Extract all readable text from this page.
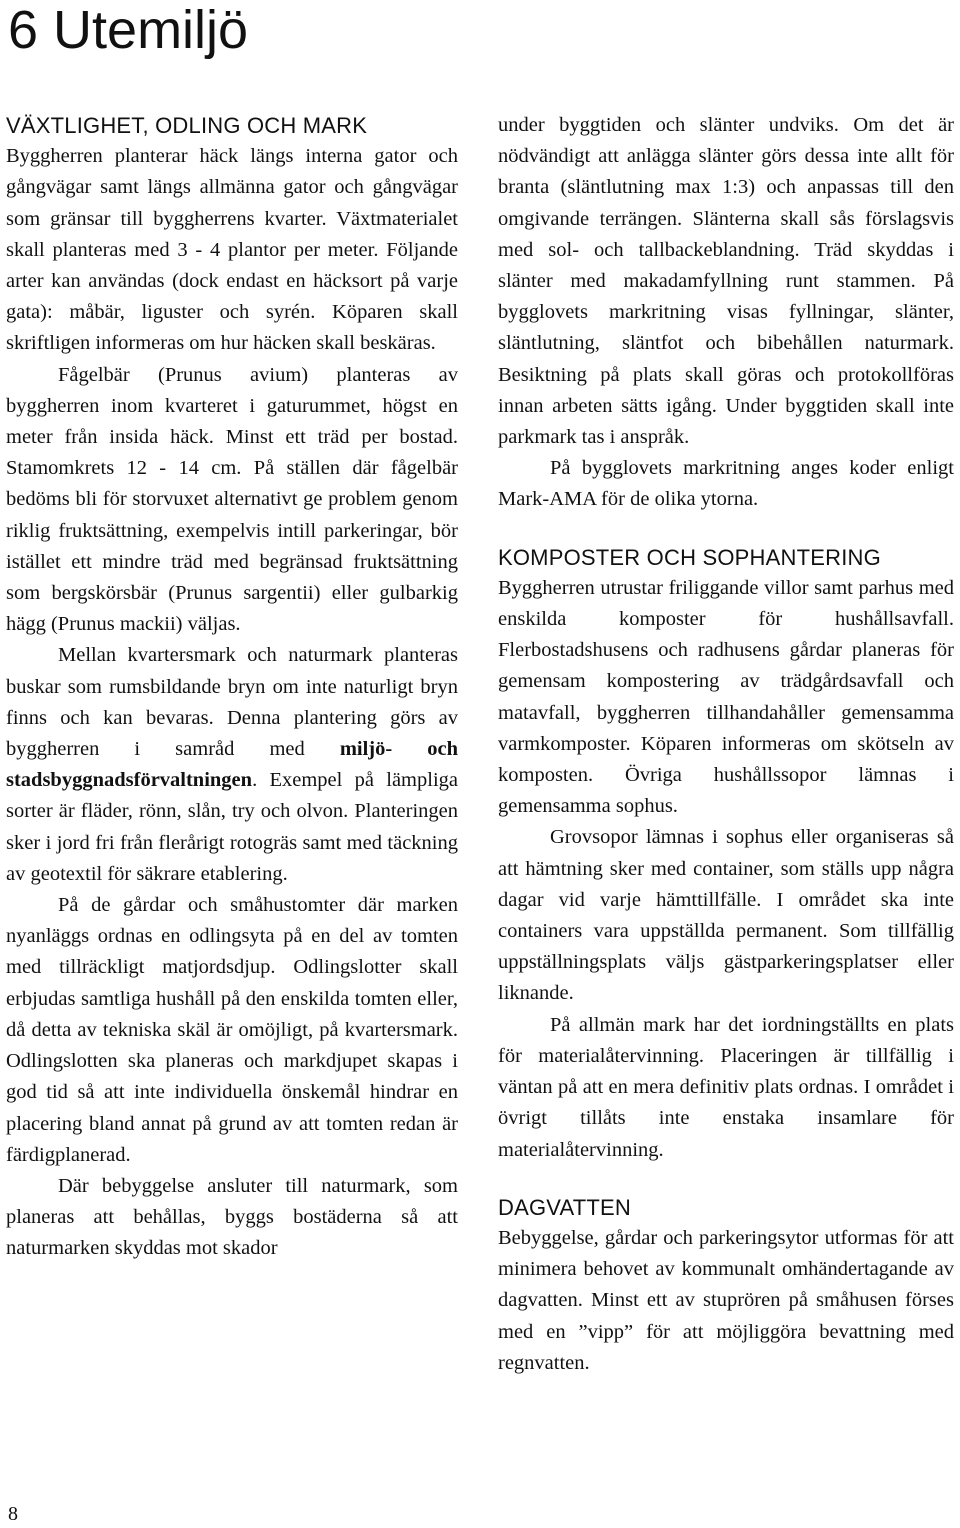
6 Utemiljö
VÄXTLIGHET, ODLING OCH MARK

Byggherren planterar häck längs interna gator och gångvägar samt längs allmänna gator och gångvägar som gränsar till byggherrens kvarter. Växtmaterialet skall planteras med 3 - 4 plantor per meter. Följande arter kan användas (dock endast en häcksort på varje gata): måbär, liguster och syrén. Köparen skall skriftligen informeras om hur häcken skall beskäras.

Fågelbär (Prunus avium) planteras av byggherren inom kvarteret i gaturummet, högst en meter från insida häck. Minst ett träd per bostad. Stamomkrets 12 - 14 cm. På ställen där fågelbär bedöms bli för storvuxet alternativt ge problem genom riklig fruktsättning, exempelvis intill parkeringar, bör istället ett mindre träd med begränsad fruktsättning som bergskörsbär (Prunus sargentii) eller gulbarkig hägg (Prunus mackii) väljas.

Mellan kvartersmark och naturmark planteras buskar som rumsbildande bryn om inte naturligt bryn finns och kan bevaras. Denna plantering görs av byggherren i samråd med miljö- och stadsbyggnadsförvaltningen. Exempel på lämpliga sorter är fläder, rönn, slån, try och olvon. Planteringen sker i jord fri från flerårigt rotogräs samt med täckning av geotextil för säkrare etablering.

På de gårdar och småhustomter där marken nyanläggs ordnas en odlingsyta på en del av tomten med tillräckligt matjordsdjup. Odlingslotter skall erbjudas samtliga hushåll på den enskilda tomten eller, då detta av tekniska skäl är omöjligt, på kvartersmark. Odlingslotten ska planeras och markdjupet skapas i god tid så att inte individuella önskemål hindrar en placering bland annat på grund av att tomten redan är färdigplanerad.

Där bebyggelse ansluter till naturmark, som planeras att behållas, byggs bostäderna så att naturmarken skyddas mot skador

under byggtiden och slänter undviks. Om det är nödvändigt att anlägga slänter görs dessa inte allt för branta (släntlutning max 1:3) och anpassas till den omgivande terrängen. Slänterna skall sås förslagsvis med sol- och tallbackeblandning. Träd skyddas i slänter med makadamfyllning runt stammen. På bygglovets markritning visas fyllningar, slänter, släntlutning, släntfot och bibehållen naturmark. Besiktning på plats skall göras och protokollföras innan arbeten sätts igång. Under byggtiden skall inte parkmark tas i anspråk.

På bygglovets markritning anges koder enligt Mark-AMA för de olika ytorna.

KOMPOSTER OCH SOPHANTERING

Byggherren utrustar friliggande villor samt parhus med enskilda komposter för hushållsavfall. Flerbostadshusens och radhusens gårdar planeras för gemensam kompostering av trädgårdsavfall och matavfall, byggherren tillhandahåller gemensamma varmkomposter. Köparen informeras om skötseln av komposten. Övriga hushållssopor lämnas i gemensamma sophus.

Grovsopor lämnas i sophus eller organiseras så att hämtning sker med container, som ställs upp några dagar vid varje hämttillfälle. I området ska inte containers vara uppställda permanent. Som tillfällig uppställningsplats väljs gästparkeringsplatser eller liknande.

På allmän mark har det iordningställts en plats för materialåtervinning. Placeringen är tillfällig i väntan på att en mera definitiv plats ordnas. I området i övrigt tillåts inte enstaka insamlare för materialåtervinning.

DAGVATTEN

Bebyggelse, gårdar och parkeringsytor utformas för att minimera behovet av kommunalt omhändertagande av dagvatten. Minst ett av stuprören på småhusen förses med en ”vipp” för att möjliggöra bevattning med regnvatten.

8
